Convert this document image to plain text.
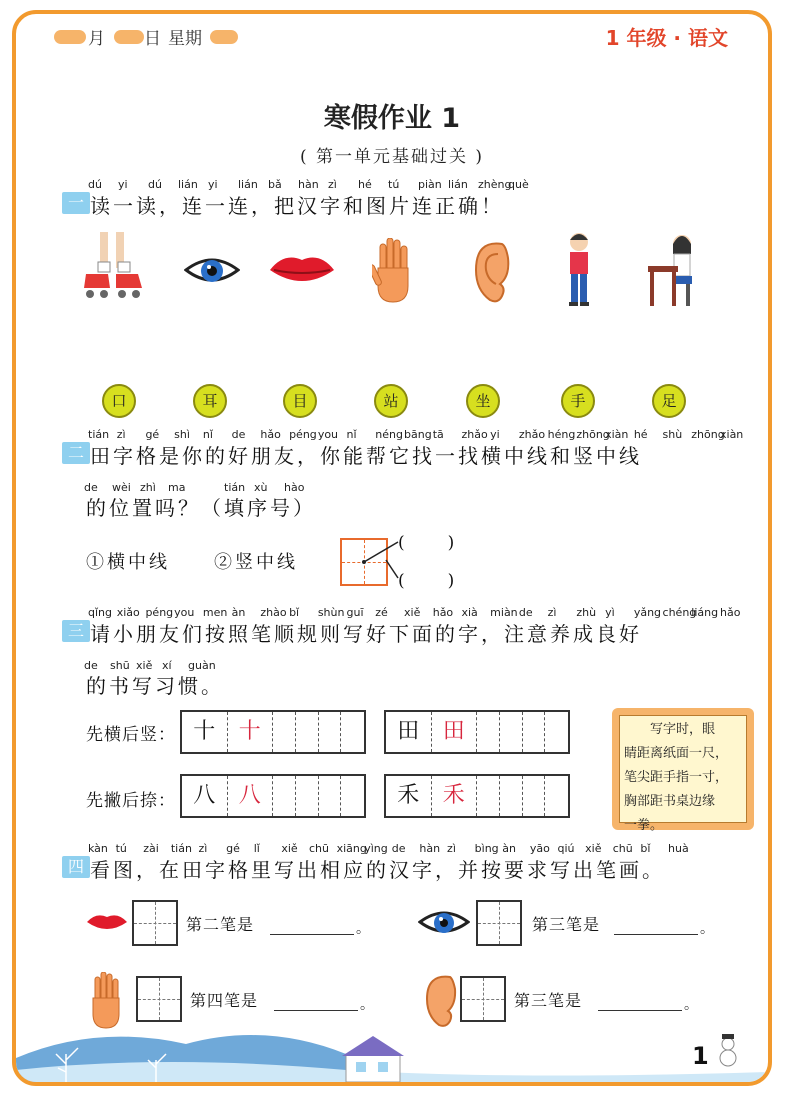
月 日 星期	1 年级 · 语文
寒假作业 1
( 第一单元基础过关 )
一
dú yi dú lián yi lián bǎ hàn zì hé tú piàn lián zhèng
què
读一读，连一连，把汉字和图片连正确！
口	耳	目	站	坐	手	足
二
tián zì gé shì nǐ de hǎo péng you nǐ néng bāng tā zhǎo yi zhǎo héng zhōng
xiàn hé shù zhōng
xiàn
田字格是你的好朋友，你能帮它找一找横中线和竖中线
de wèi zhì ma	tián xù hào
的位置吗？（填序号）
①横中线 ②竖中线
(　　)
(　　)
三
qǐng xiǎo péng you men àn zhào bǐ shùn guī zé xiě hǎo xià miàn de zì zhù yì yǎng chéng
liáng hǎo
请小朋友们按照笔顺规则写好下面的字，注意养成良好
de shū xiě xí guàn
的书写习惯。
先横后竖：
先撇后捺：
十	十	田	田
八	八	禾	禾
写字时，眼
睛距离纸面一尺，
笔尖距手指一寸，
胸部距书桌边缘
一拳。
四
kàn tú zài tián zì gé lǐ xiě chū xiāng
yìng de hàn zì bìng àn yāo qiú xiě chū bǐ huà
看图，在田字格里写出相应的汉字，并按要求写出笔画。
第二笔是	。	第三笔是	。
第四笔是	。	第三笔是	。
1
